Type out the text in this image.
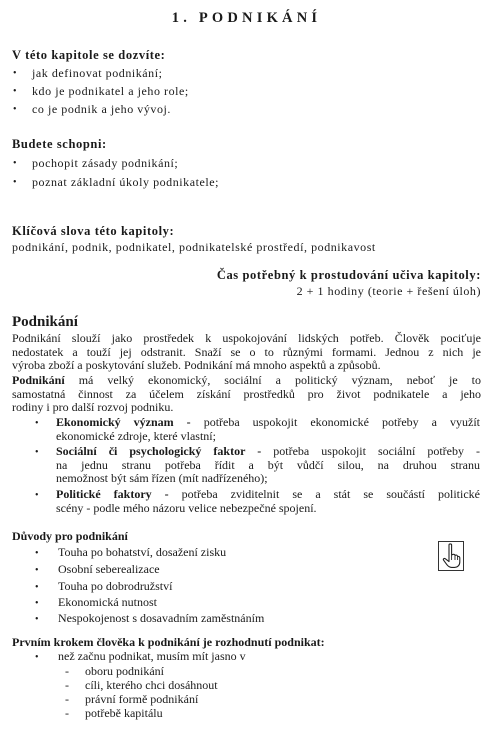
1. PODNIKÁNÍ
V této kapitole se dozvíte:
• jak definovat podnikání;
• kdo je podnikatel a jeho role;
• co je podnik a jeho vývoj.
Budete schopni:
• pochopit zásady podnikání;
• poznat základní úkoly podnikatele;
Klíčová slova této kapitoly:
podnikání, podnik, podnikatel, podnikatelské prostředí, podnikavost
Čas potřebný k prostudování učiva kapitoly:
2 + 1 hodiny (teorie + řešení úloh)
Podnikání
Podnikání slouží jako prostředek k uspokojování lidských potřeb. Člověk pociťuje
nedostatek a touží jej odstranit. Snaží se o to různými formami. Jednou z nich je
výroba zboží a poskytování služeb. Podnikání má mnoho aspektů a způsobů.
Podnikání má velký ekonomický, sociální a politický význam, neboť je to
samostatná činnost za účelem získání prostředků pro život podnikatele a jeho
rodiny i pro další rozvoj podniku.
• Ekonomický význam - potřeba uspokojit ekonomické potřeby a využít
ekonomické zdroje, které vlastní;
• Sociální či psychologický faktor - potřeba uspokojit sociální potřeby -
na jednu stranu potřeba řídit a být vůdčí silou, na druhou stranu
nemožnost být sám řízen (mít nadřízeného);
• Politické faktory - potřeba zviditelnit se a stát se součástí politické
scény - podle mého názoru velice nebezpečné spojení.
Důvody pro podnikání
• Touha po bohatství, dosažení zisku
• Osobní seberealizace
• Touha po dobrodružství
• Ekonomická nutnost
• Nespokojenost s dosavadním zaměstnáním
Prvním krokem člověka k podnikání je rozhodnutí podnikat:
• než začnu podnikat, musím mít jasno v
- oboru podnikání
- cíli, kterého chci dosáhnout
- právní formě podnikání
- potřebě kapitálu
